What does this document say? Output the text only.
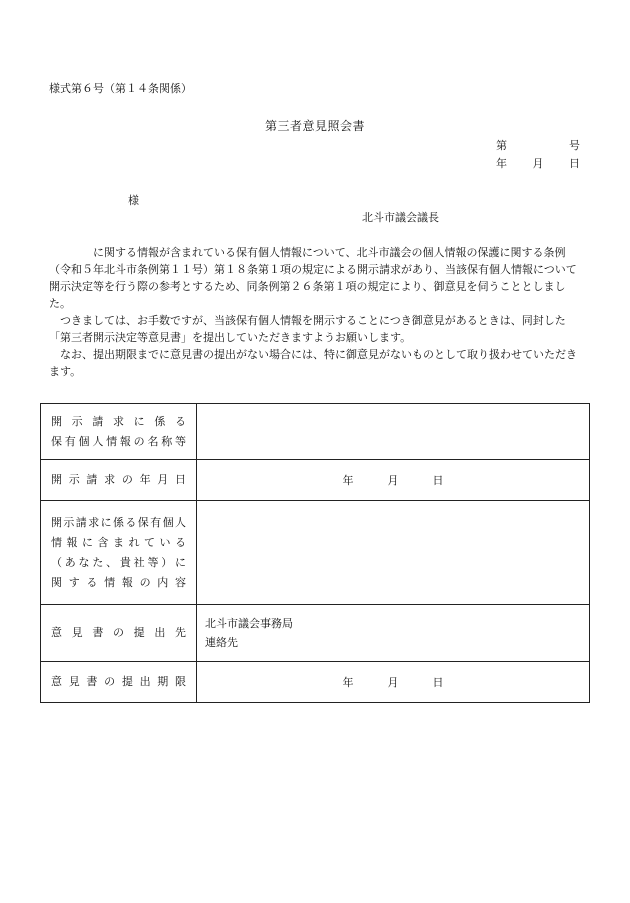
様式第６号（第１４条関係）
第三者意見照会書
第	号
年 月 日
様
北斗市議会議長

に関する情報が含まれている保有個人情報について、北斗市議会の個人情報の保護に関する条例（令和５年北斗市条例第１１号）第１８条第１項の規定による開示請求があり、当該保有個人情報について開示決定等を行う際の参考とするため、同条例第２６条第１項の規定により、御意見を伺うこととしました。

つきましては、お手数ですが、当該保有個人情報を開示することにつき御意見があるときは、同封した「第三者開示決定等意見書」を提出していただきますようお願いします。

なお、提出期限までに意見書の提出がない場合には、特に御意見がないものとして取り扱わせていただきます。

開示請求に係る
保有個人情報の名称等	

開示請求の年月日	年 月 日

開示請求に係る保有個人
情報に含まれている
（あなた、貴社等）に
関する情報の内容	

意見書の提出先	北斗市議会事務局
連絡先

意見書の提出期限	年 月 日
